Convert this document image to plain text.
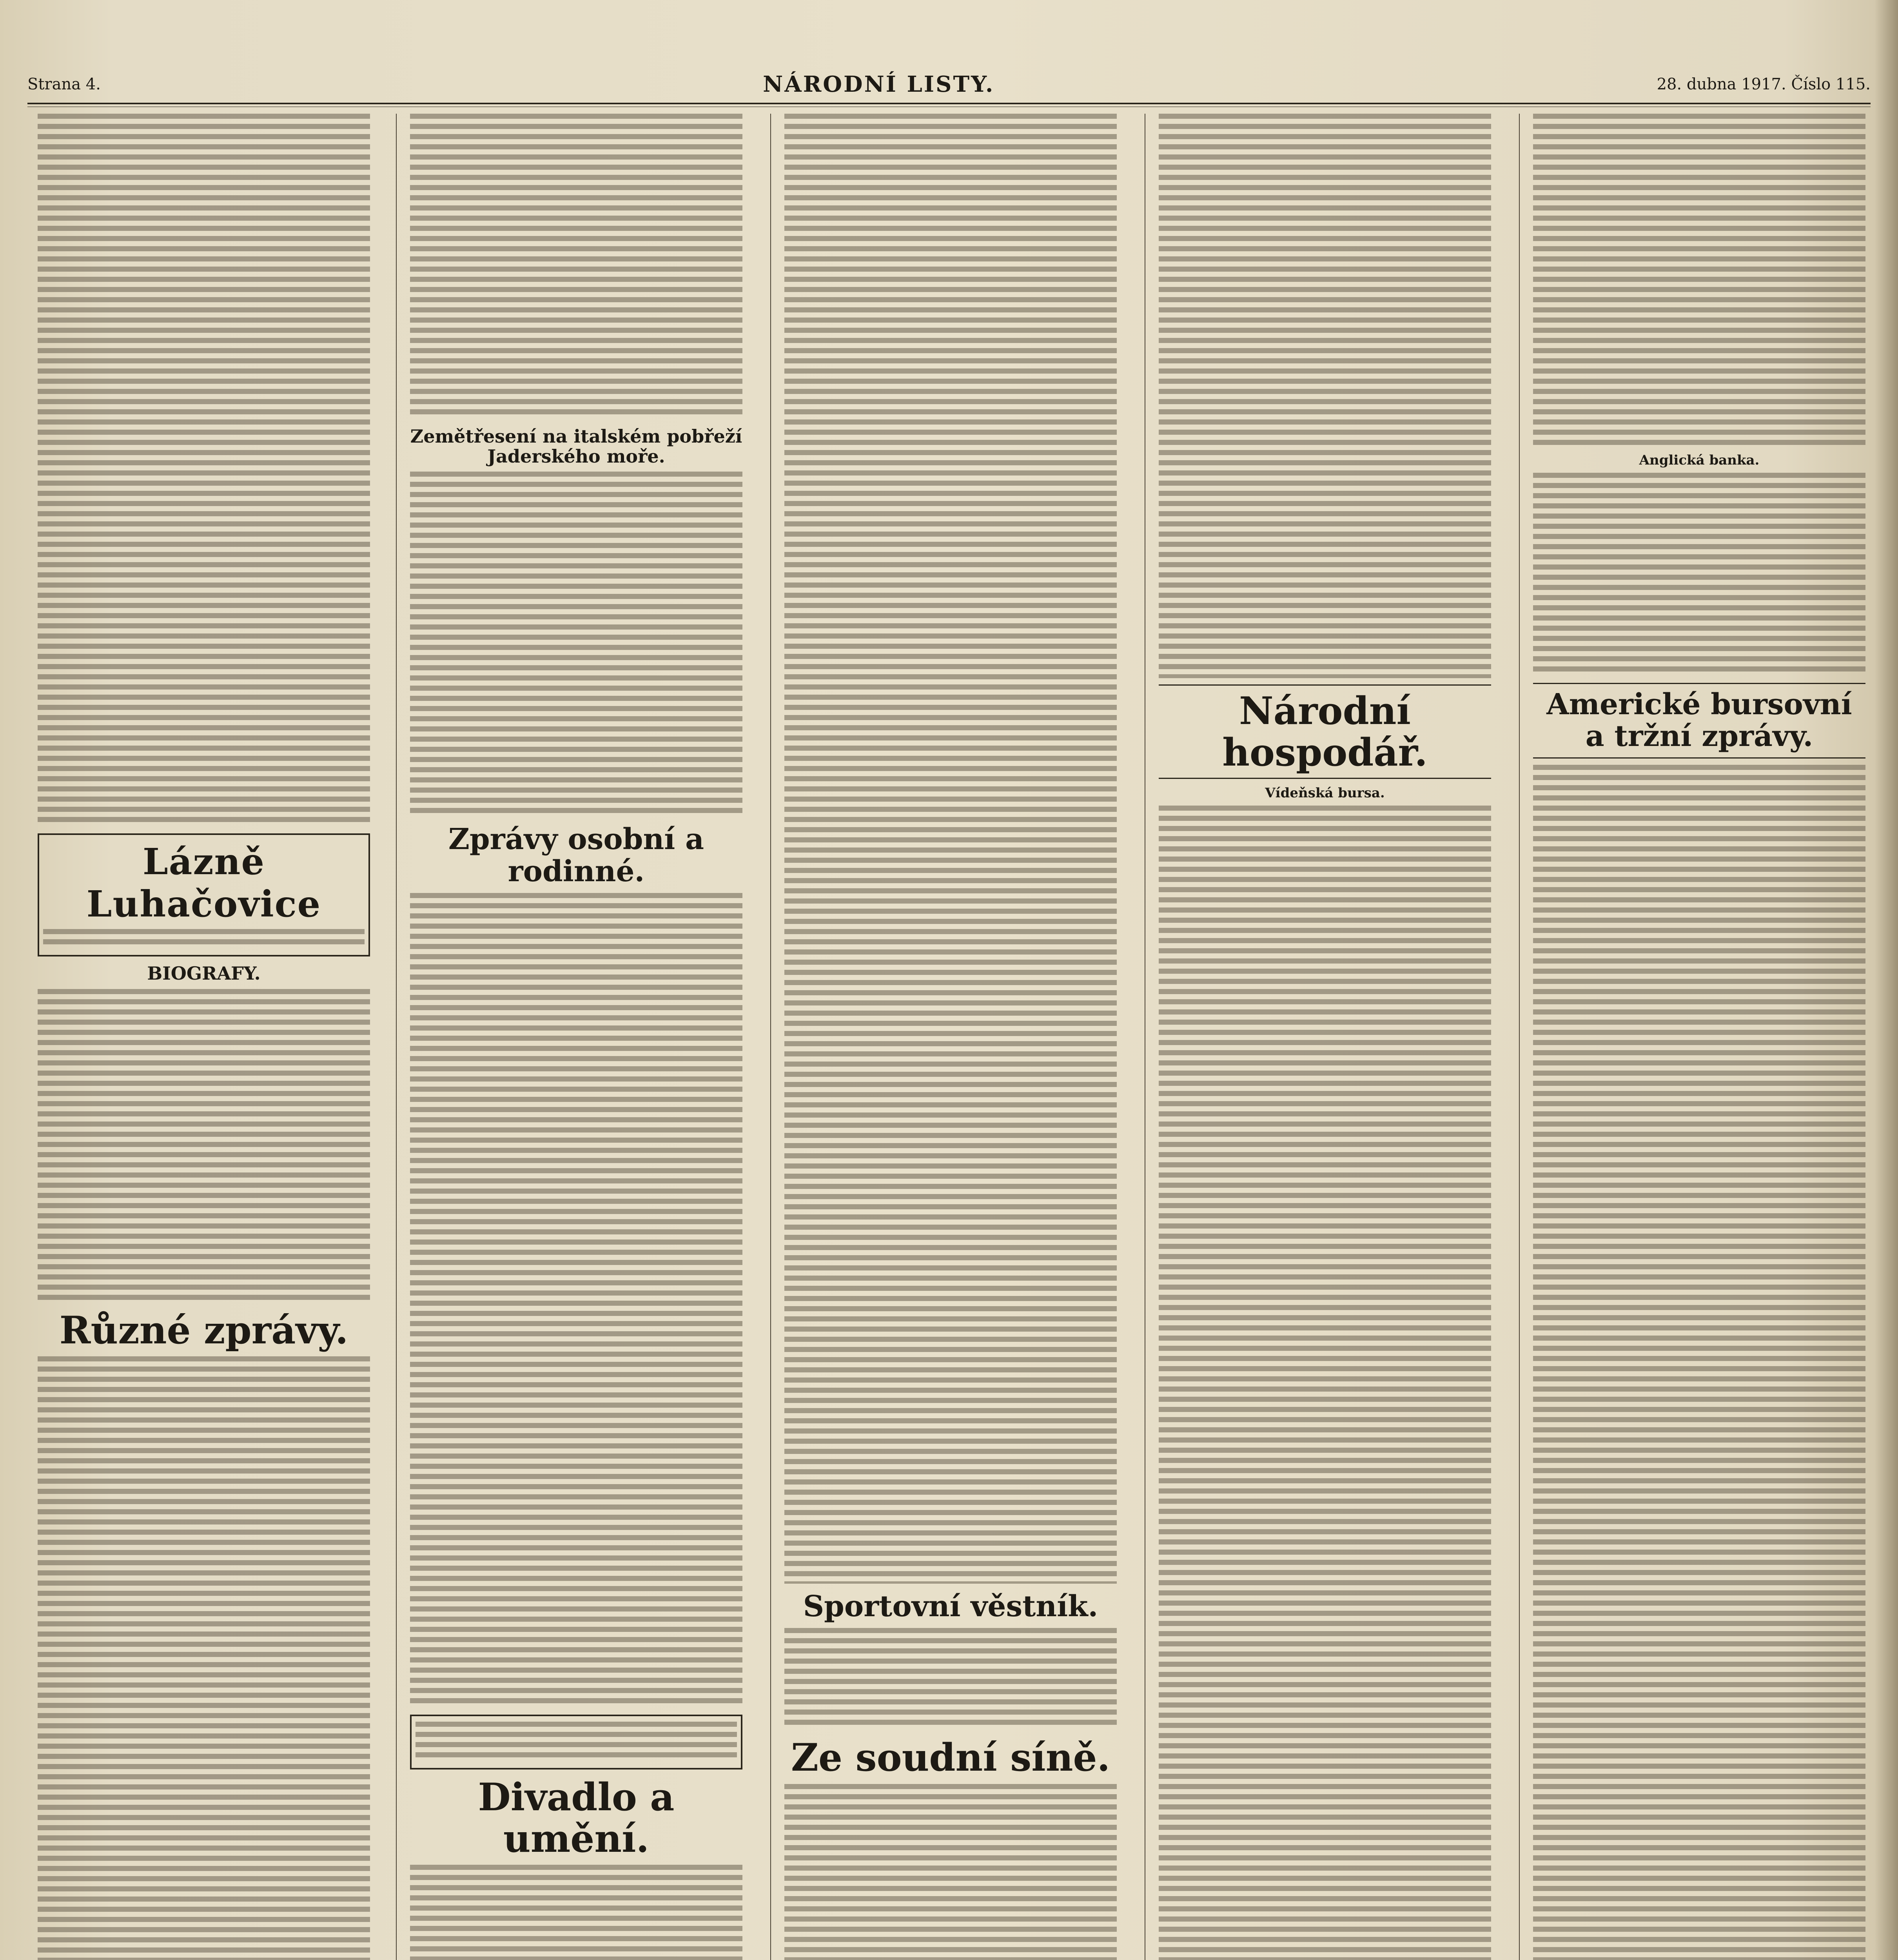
Strana 4.	NÁRODNÍ LISTY.	28. dubna 1917. Číslo 115.
Lázně Luhačovice
BIOGRAFY.
Různé zprávy.
Zemětřesení na italském pobřeží Jaderského moře.
Zprávy osobní a rodinné.
Divadlo a umění.
Sportovní věstník.
Ze soudní síně.
Národní hospodář.
Vídeňská bursa.
Anglická banka.
Americké bursovní a tržní zprávy.
